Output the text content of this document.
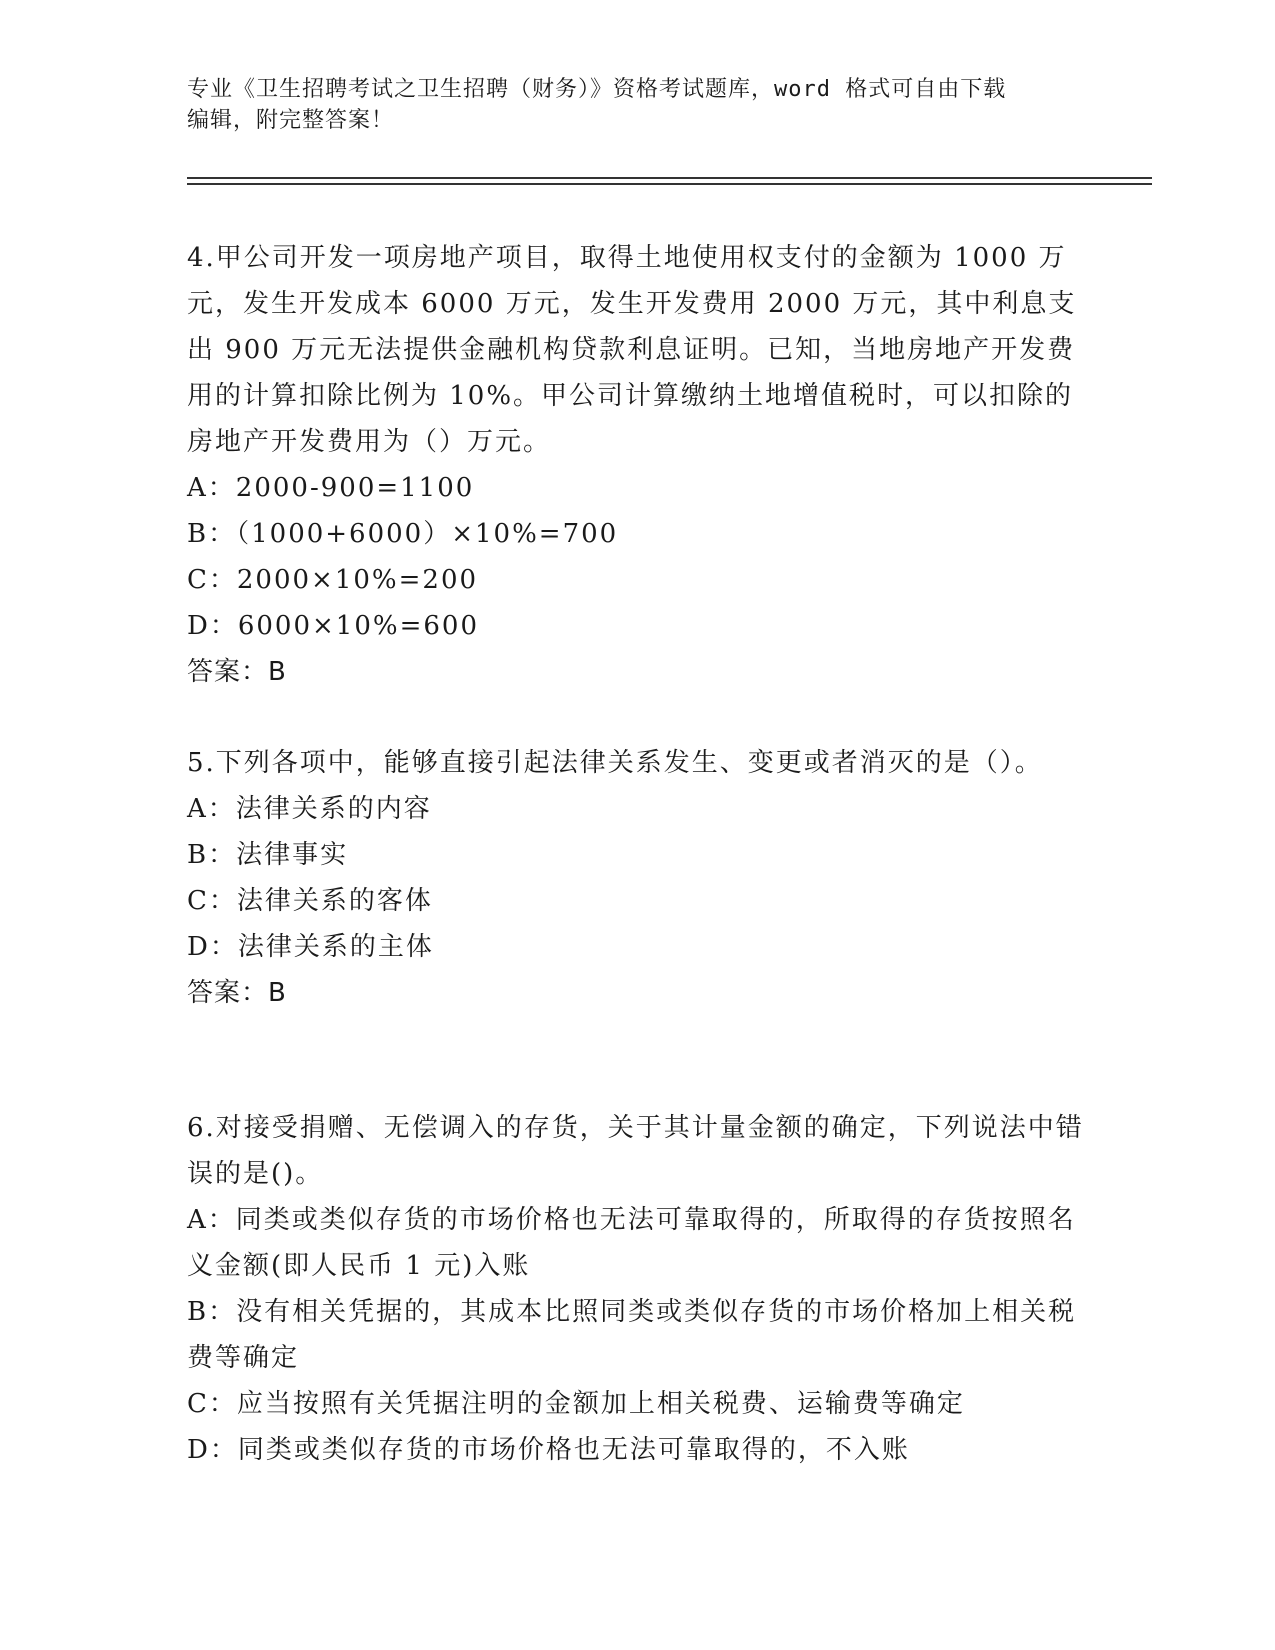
专业《卫生招聘考试之卫生招聘（财务）》资格考试题库，word 格式可自由下载
编辑，附完整答案！

4.甲公司开发一项房地产项目，取得土地使用权支付的金额为 1000 万元，发生开发成本 6000 万元，发生开发费用 2000 万元，其中利息支出 900 万元无法提供金融机构贷款利息证明。已知，当地房地产开发费用的计算扣除比例为 10%。甲公司计算缴纳土地增值税时，可以扣除的房地产开发费用为（）万元。

A：2000-900=1100

B：（1000+6000）×10%=700

C：2000×10%=200

D：6000×10%=600

答案：B

5.下列各项中，能够直接引起法律关系发生、变更或者消灭的是（）。

A：法律关系的内容

B：法律事实

C：法律关系的客体

D：法律关系的主体

答案：B

6.对接受捐赠、无偿调入的存货，关于其计量金额的确定，下列说法中错误的是()。

A：同类或类似存货的市场价格也无法可靠取得的，所取得的存货按照名义金额(即人民币 1 元)入账

B：没有相关凭据的，其成本比照同类或类似存货的市场价格加上相关税费等确定

C：应当按照有关凭据注明的金额加上相关税费、运输费等确定

D：同类或类似存货的市场价格也无法可靠取得的，不入账
